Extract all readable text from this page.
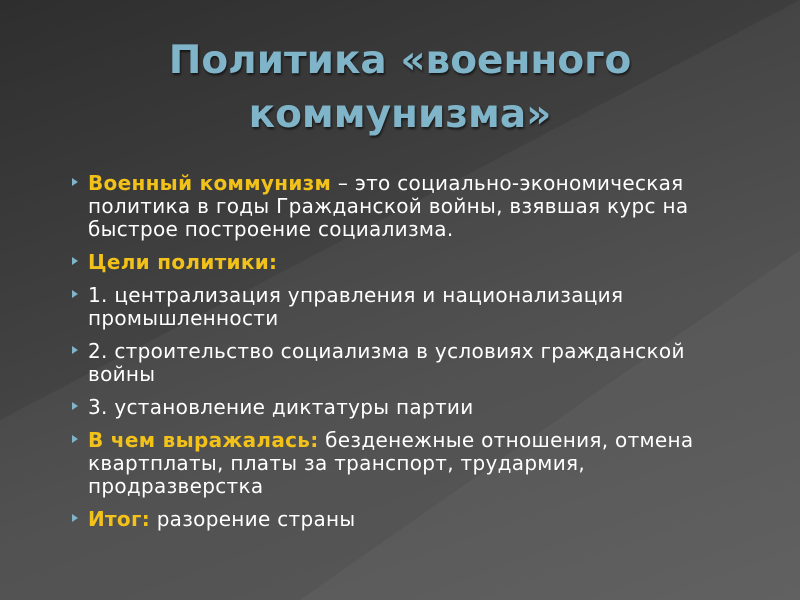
Политика «военного
коммунизма»
Военный коммунизм – это социально-экономическая политика в годы Гражданской войны, взявшая курс на быстрое построение социализма.
Цели политики:
1. централизация управления и национализация промышленности
2. строительство социализма в условиях гражданской войны
3. установление диктатуры партии
В чем выражалась: безденежные отношения, отмена квартплаты, платы за транспорт, трудармия, продразверстка
Итог: разорение страны
